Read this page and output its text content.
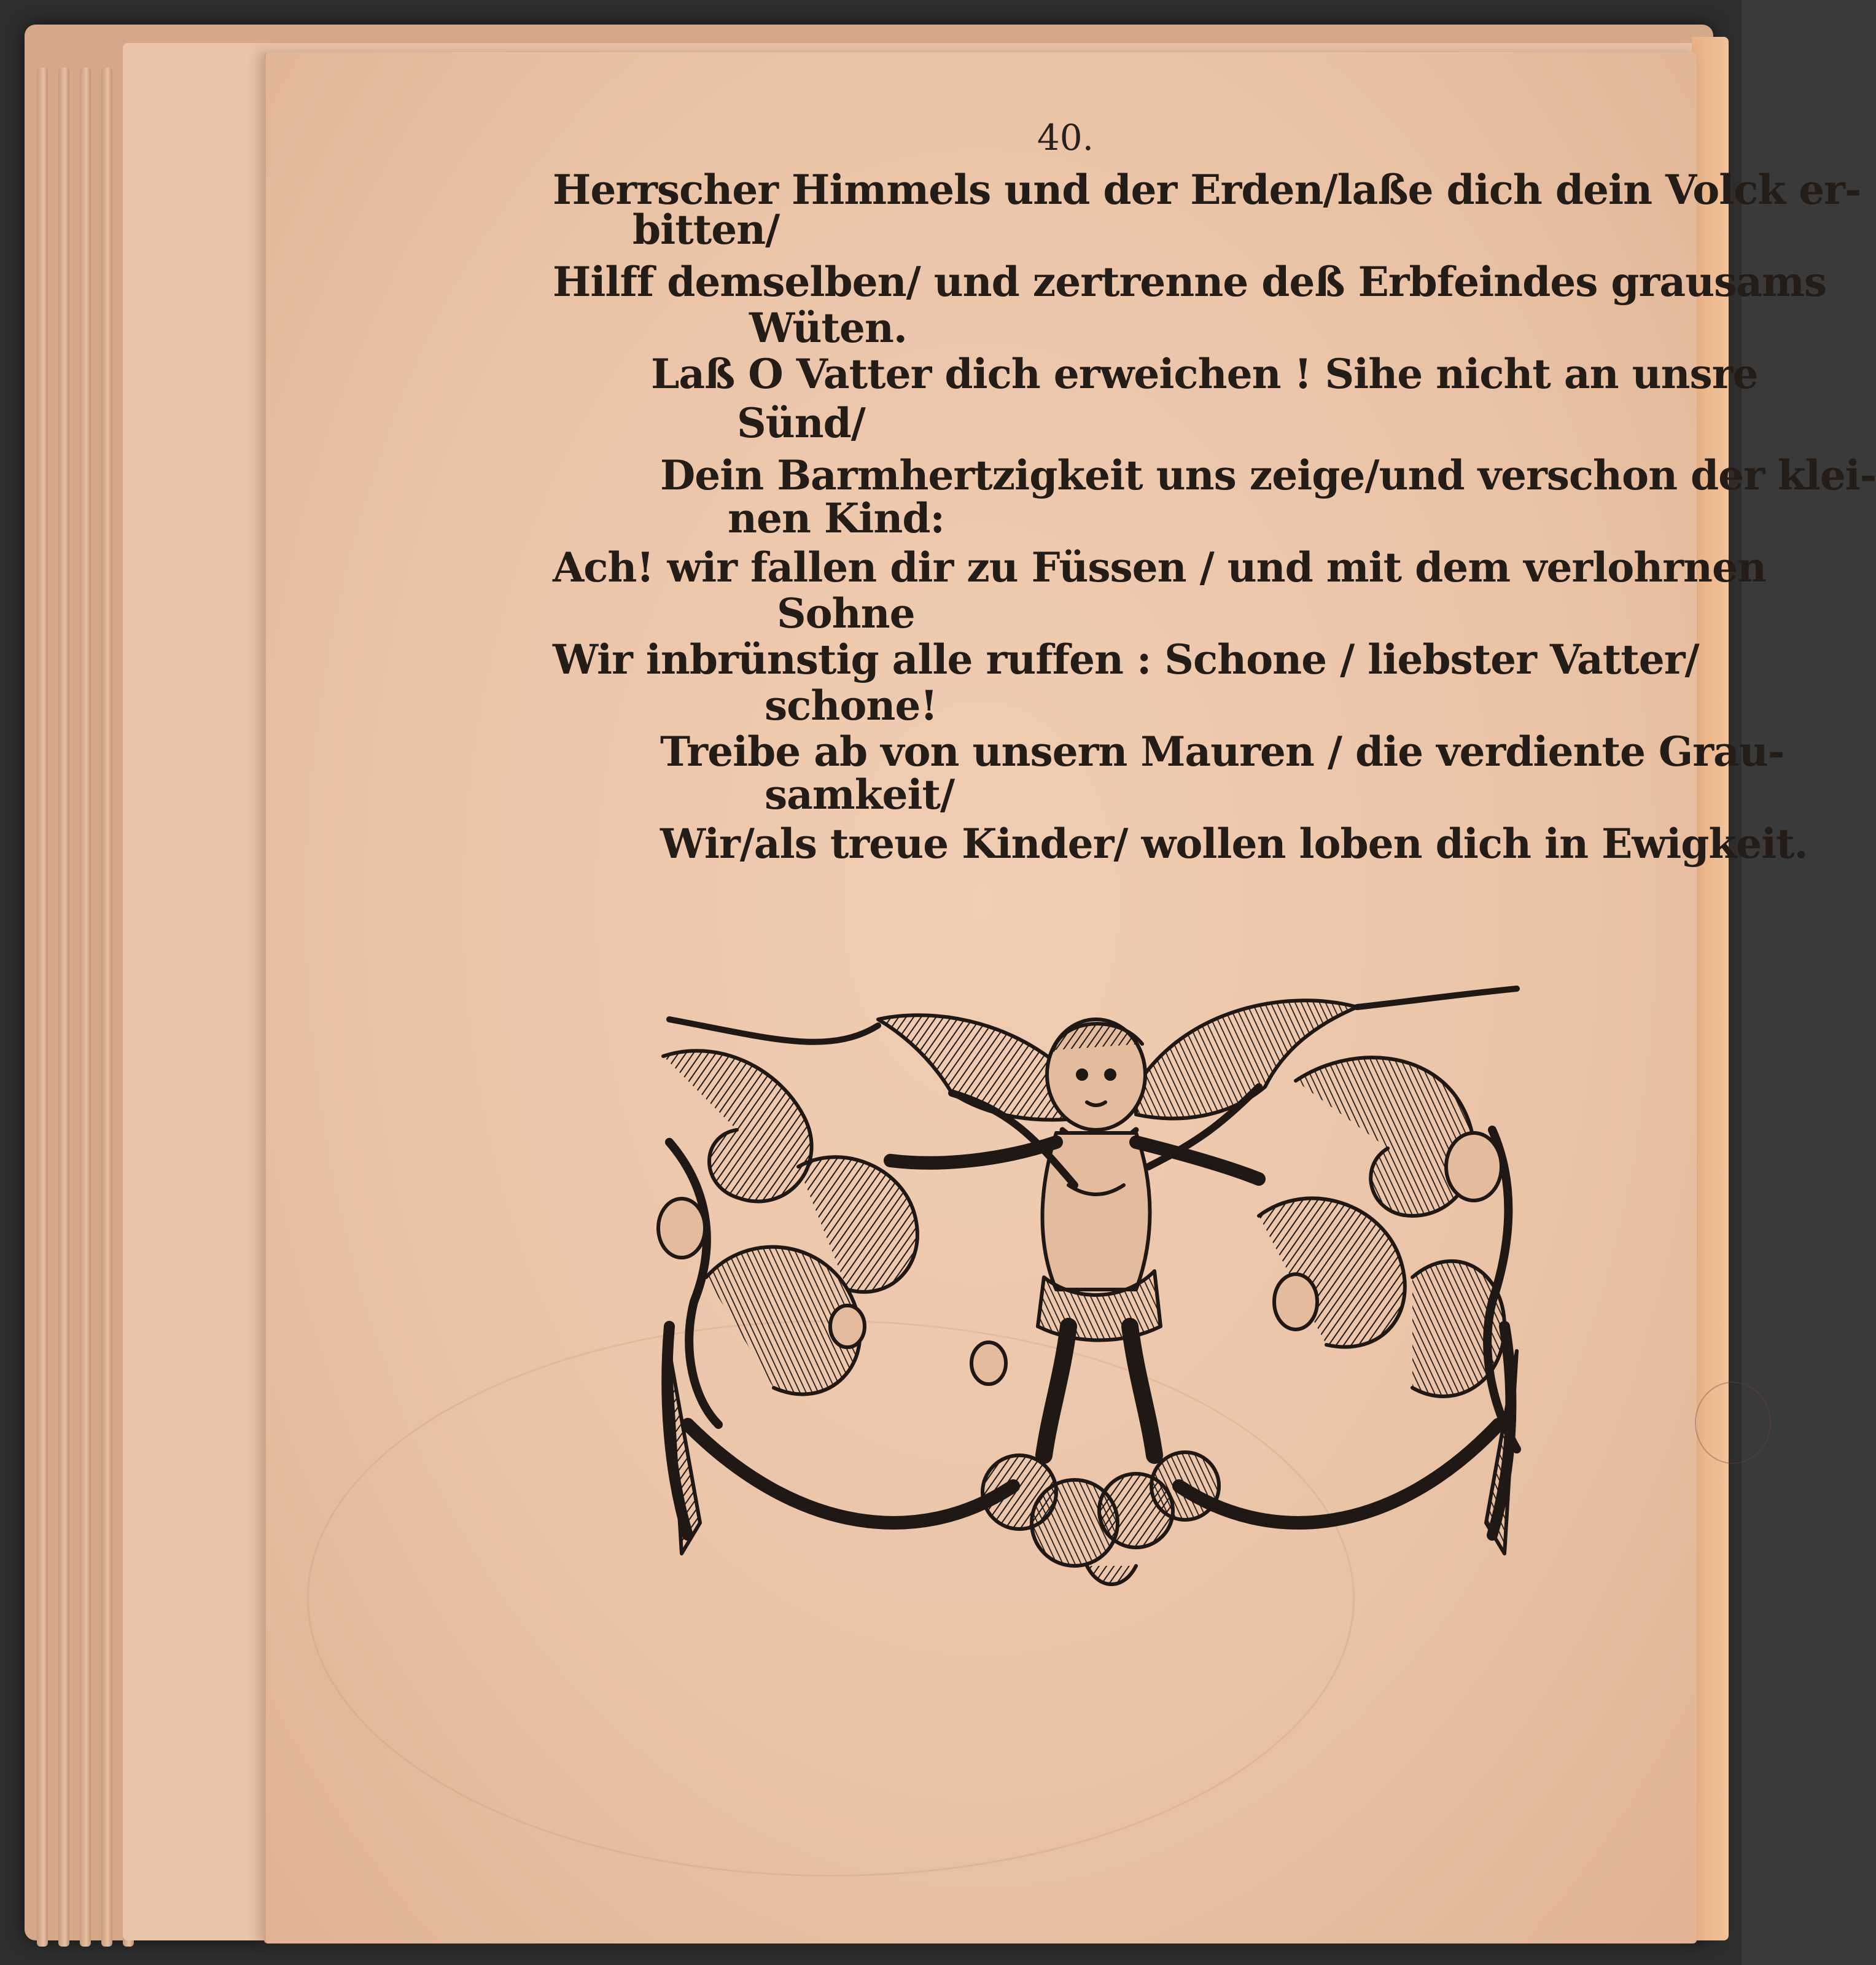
40.
Herrscher Himmels und der Erden/laße dich dein Volck er-
bitten/
Hilff demselben/ und zertrenne deß Erbfeindes grausams
Wüten.
Laß O Vatter dich erweichen ! Sihe nicht an unsre
Sünd/
Dein Barmhertzigkeit uns zeige/und verschon der klei-
nen Kind:
Ach! wir fallen dir zu Füssen / und mit dem verlohrnen
Sohne
Wir inbrünstig alle ruffen : Schone / liebster Vatter/
schone!
Treibe ab von unsern Mauren / die verdiente Grau-
samkeit/
Wir/als treue Kinder/ wollen loben dich in Ewigkeit.
